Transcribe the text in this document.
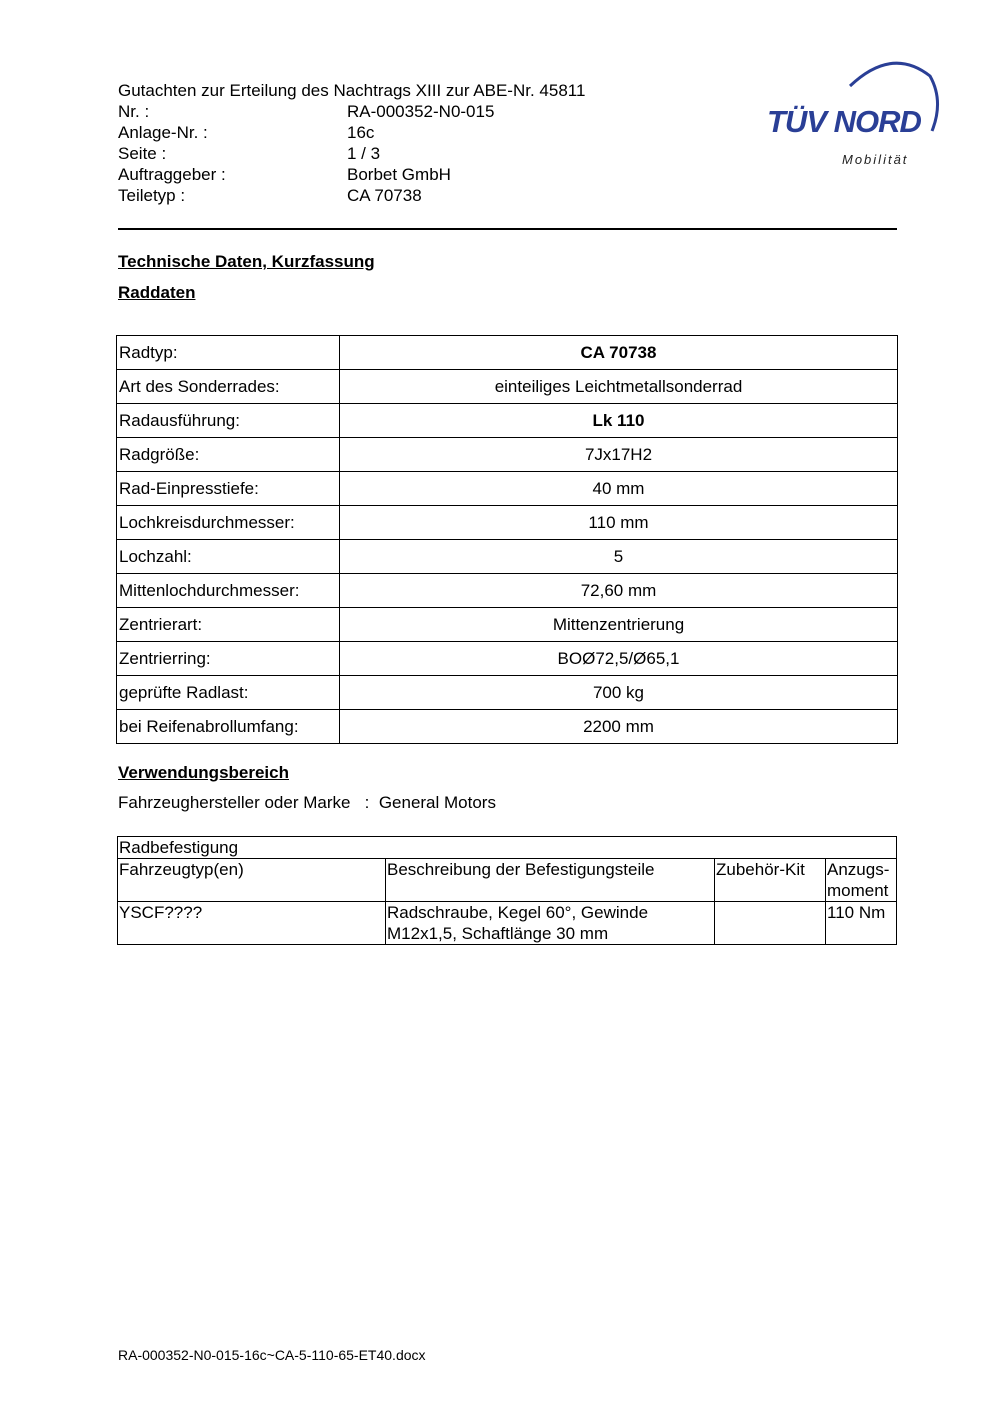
Gutachten zur Erteilung des Nachtrags XIII zur ABE-Nr. 45811
Nr. :	RA-000352-N0-015
Anlage-Nr. :	16c
Seite :	1 / 3
Auftraggeber :	Borbet GmbH
Teiletyp :	CA 70738
TÜV NORD
Mobilität
Technische Daten, Kurzfassung
Raddaten
Radtyp:	CA 70738
Art des Sonderrades:	einteiliges Leichtmetallsonderrad
Radausführung:	Lk 110
Radgröße:	7Jx17H2
Rad-Einpresstiefe:	40 mm
Lochkreisdurchmesser:	110 mm
Lochzahl:	5
Mittenlochdurchmesser:	72,60 mm
Zentrierart:	Mittenzentrierung
Zentrierring:	BOØ72,5/Ø65,1
geprüfte Radlast:	700 kg
bei Reifenabrollumfang:	2200 mm
Verwendungsbereich
Fahrzeughersteller oder Marke : General Motors
Radbefestigung			
Fahrzeugtyp(en)	Beschreibung der Befestigungsteile	Zubehör-Kit	Anzugs- moment
YSCF????	Radschraube, Kegel 60°, Gewinde M12x1,5, Schaftlänge 30 mm		110 Nm
RA-000352-N0-015-16c~CA-5-110-65-ET40.docx
